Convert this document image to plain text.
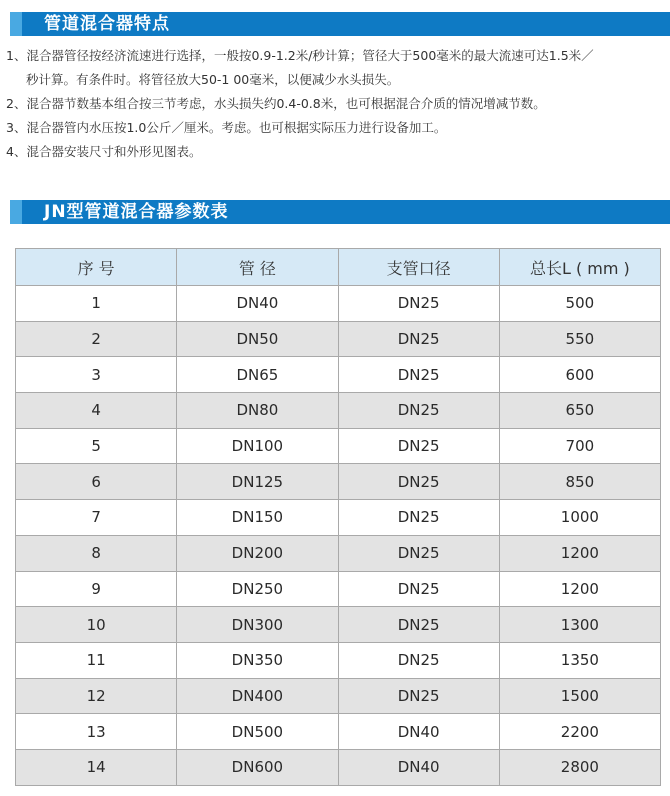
管道混合器特点
1、混合器管径按经济流速进行选择，一般按0.9-1.2米/秒计算；管径大于500毫米的最大流速可达1.5米／
秒计算。有条件时。将管径放大50-1 00毫米，以便减少水头损失。
2、混合器节数基本组合按三节考虑，水头损失约0.4-0.8米，也可根据混合介质的情况增减节数。
3、混合器管内水压按1.0公斤／厘米。考虑。也可根据实际压力进行设备加工。
4、混合器安装尺寸和外形见图表。
JN型管道混合器参数表
序 号	管 径	支管口径	总长L ( mm )
1	DN40	DN25	500
2	DN50	DN25	550
3	DN65	DN25	600
4	DN80	DN25	650
5	DN100	DN25	700
6	DN125	DN25	850
7	DN150	DN25	1000
8	DN200	DN25	1200
9	DN250	DN25	1200
10	DN300	DN25	1300
11	DN350	DN25	1350
12	DN400	DN25	1500
13	DN500	DN40	2200
14	DN600	DN40	2800
